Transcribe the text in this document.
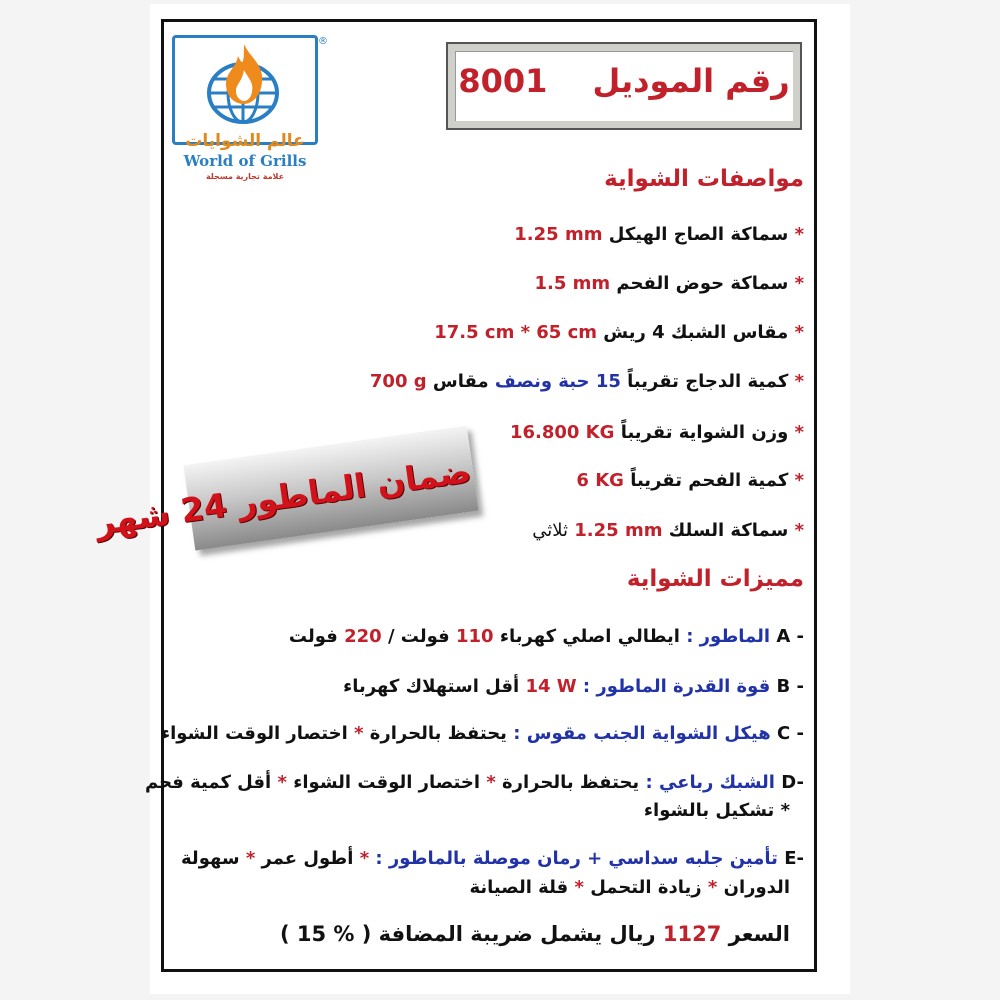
®
عالم الشوايات
World of Grills
علامة تجارية مسجلة
رقم الموديل 8001
مواصفات الشواية
* سماكة الصاج الهيكل 1.25 mm
* سماكة حوض الفحم 1.5 mm
* مقاس الشبك 4 ريش 17.5 cm * 65 cm
* كمية الدجاج تقريباً 15 حبة ونصف مقاس 700 g
* وزن الشواية تقريباً 16.800 KG
* كمية الفحم تقريباً 6 KG
* سماكة السلك 1.25 mm ثلاثي
ضمان الماطور 24 شهر
مميزات الشواية
A - الماطور : ايطالي اصلي كهرباء 110 فولت / 220 فولت
B - قوة القدرة الماطور : 14 W أقل استهلاك كهرباء
C - هيكل الشواية الجنب مقوس : يحتفظ بالحرارة * اختصار الوقت الشواء
D- الشبك رباعي : يحتفظ بالحرارة * اختصار الوقت الشواء * أقل كمية فحم
* تشكيل بالشواء
E- تأمين جلبه سداسي + رمان موصلة بالماطور : * أطول عمر * سهولة
الدوران * زيادة التحمل * قلة الصيانة
السعر 1127 ريال يشمل ضريبة المضافة ( 15 % )
